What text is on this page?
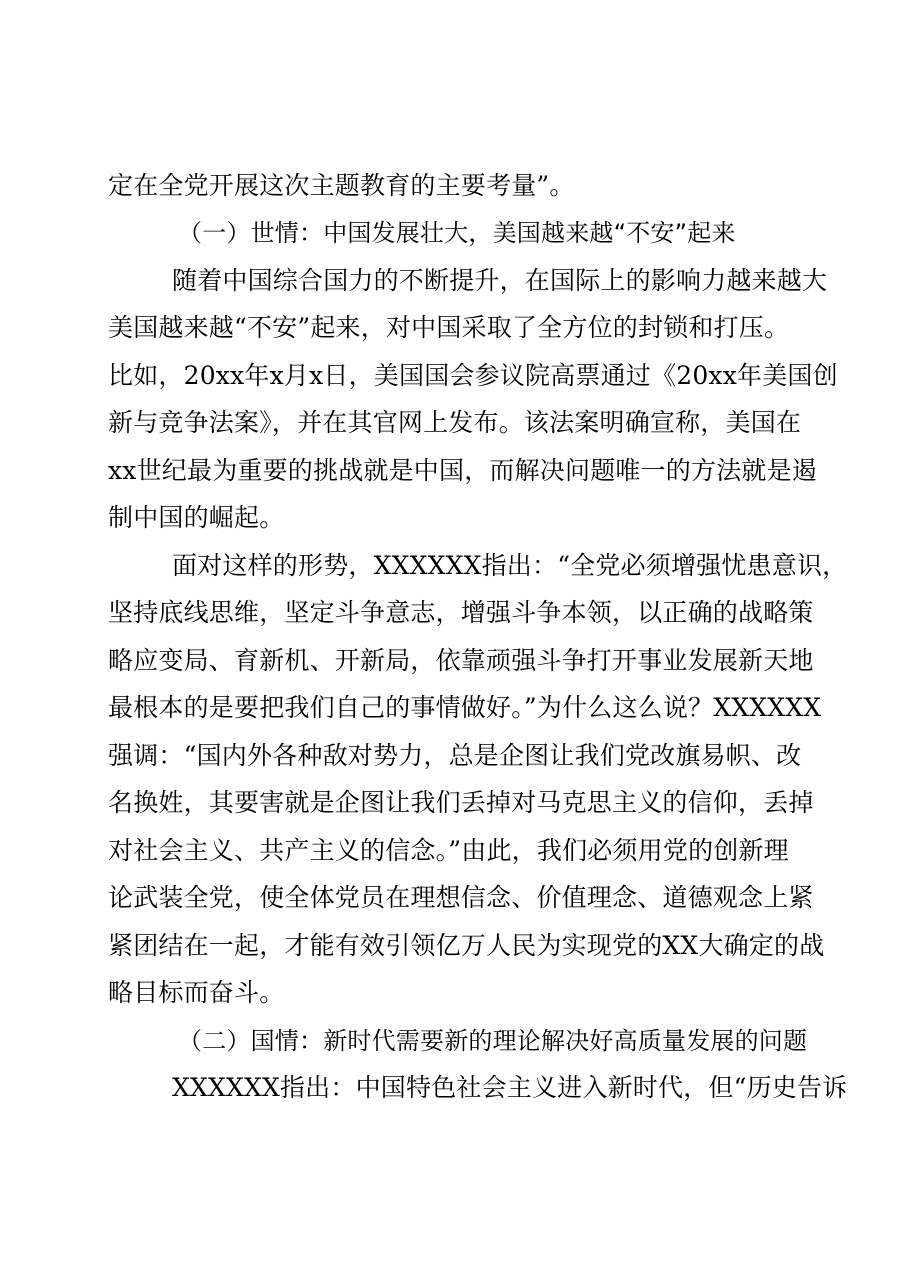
定在全党开展这次主题教育的主要考量”。
（一）世情：中国发展壮大，美国越来越“不安”起来
随着中国综合国力的不断提升，在国际上的影响力越来越大
美国越来越“不安”起来，对中国采取了全方位的封锁和打压。
比如，20xx年x月x日，美国国会参议院高票通过《20xx年美国创
新与竞争法案》，并在其官网上发布。该法案明确宣称，美国在
xx世纪最为重要的挑战就是中国，而解决问题唯一的方法就是遏
制中国的崛起。
面对这样的形势，XXXXXX指出：“全党必须增强忧患意识，
坚持底线思维，坚定斗争意志，增强斗争本领，以正确的战略策
略应变局、育新机、开新局，依靠顽强斗争打开事业发展新天地
最根本的是要把我们自己的事情做好。”为什么这么说？XXXXXX
强调：“国内外各种敌对势力，总是企图让我们党改旗易帜、改
名换姓，其要害就是企图让我们丢掉对马克思主义的信仰，丢掉
对社会主义、共产主义的信念。”由此，我们必须用党的创新理
论武装全党，使全体党员在理想信念、价值理念、道德观念上紧
紧团结在一起，才能有效引领亿万人民为实现党的XX大确定的战
略目标而奋斗。
（二）国情：新时代需要新的理论解决好高质量发展的问题
XXXXXX指出：中国特色社会主义进入新时代，但“历史告诉
